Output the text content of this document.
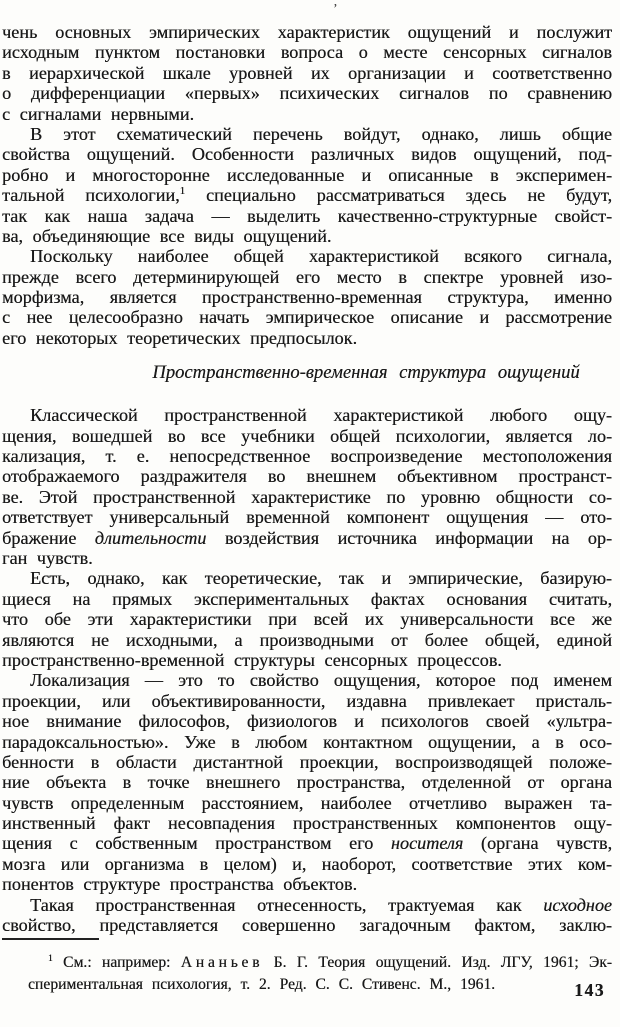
’
чень основных эмпирических характеристик ощущений и послужит
исходным пунктом постановки вопроса о месте сенсорных сигналов
в иерархической шкале уровней их организации и соответственно
о дифференциации «первых» психических сигналов по сравнению
с сигналами нервными.
В этот схематический перечень войдут, однако, лишь общие
свойства ощущений. Особенности различных видов ощущений, под-
робно и многосторонне исследованные и описанные в эксперимен-
тальной психологии,$^1$ специально рассматриваться здесь не будут,
так как наша задача — выделить качественно-структурные свойст-
ва, объединяющие все виды ощущений.
Поскольку наиболее общей характеристикой всякого сигнала,
прежде всего детерминирующей его место в спектре уровней изо-
морфизма, является пространственно-временная структура, именно
с нее целесообразно начать эмпирическое описание и рассмотрение
его некоторых теоретических предпосылок.
Пространственно-временная структура ощущений
Классической пространственной характеристикой любого ощу-
щения, вошедшей во все учебники общей психологии, является ло-
кализация, т. е. непосредственное воспроизведение местоположения
отображаемого раздражителя во внешнем объективном пространст-
ве. Этой пространственной характеристике по уровню общности со-
ответствует универсальный временной компонент ощущения — ото-
бражение длительности воздействия источника информации на ор-
ган чувств.
Есть, однако, как теоретические, так и эмпирические, базирую-
щиеся на прямых экспериментальных фактах основания считать,
что обе эти характеристики при всей их универсальности все же
являются не исходными, а производными от более общей, единой
пространственно-временной структуры сенсорных процессов.
Локализация — это то свойство ощущения, которое под именем
проекции, или объективированности, издавна привлекает присталь-
ное внимание философов, физиологов и психологов своей «ультра-
парадоксальностью». Уже в любом контактном ощущении, а в осо-
бенности в области дистантной проекции, воспроизводящей положе-
ние объекта в точке внешнего пространства, отделенной от органа
чувств определенным расстоянием, наиболее отчетливо выражен та-
инственный факт несовпадения пространственных компонентов ощу-
щения с собственным пространством его носителя (органа чувств,
мозга или организма в целом) и, наоборот, соответствие этих ком-
понентов структуре пространства объектов.
Такая пространственная отнесенность, трактуемая как исходное
свойство, представляется совершенно загадочным фактом, заклю-
$^1$ См.: например: Ананьев Б. Г. Теория ощущений. Изд. ЛГУ, 1961; Эк-
спериментальная психология, т. 2. Ред. С. С. Стивенс. М., 1961.	143
